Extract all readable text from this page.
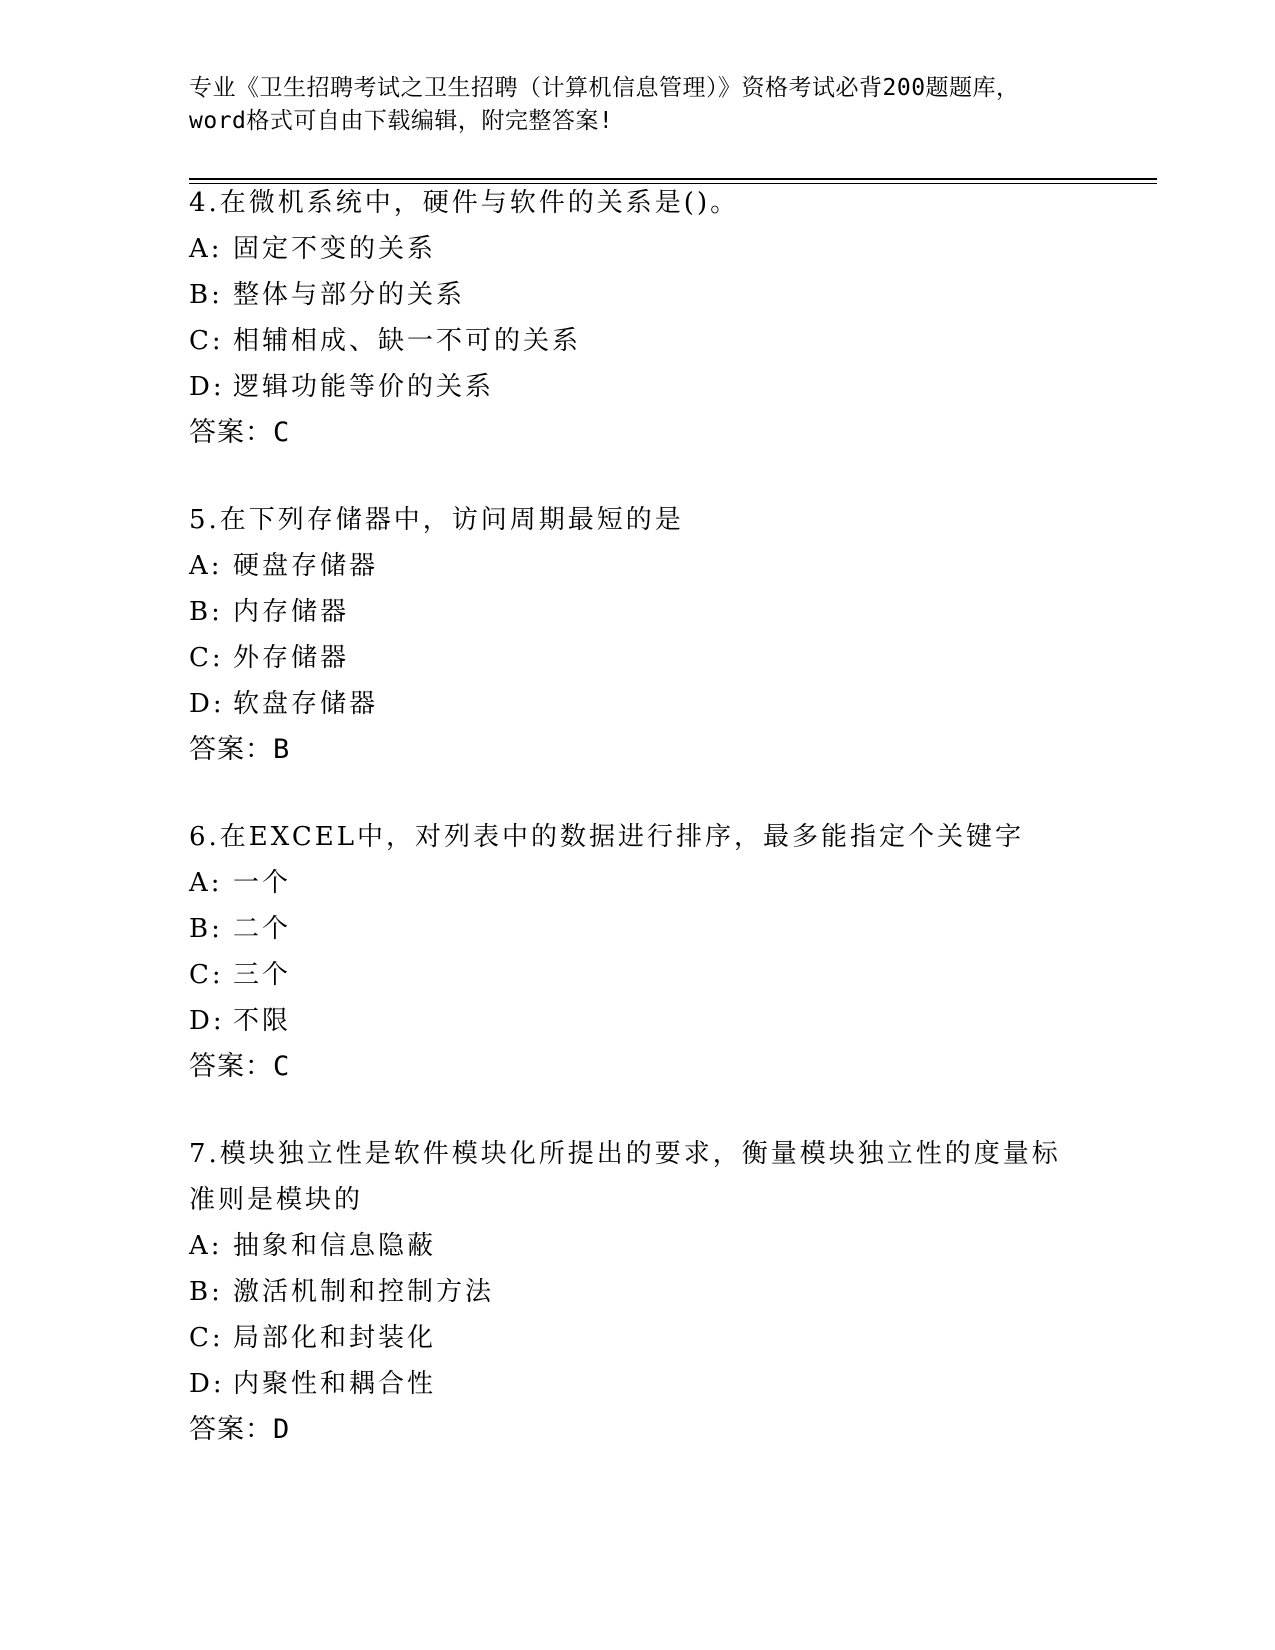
专业《卫生招聘考试之卫生招聘（计算机信息管理）》资格考试必背200题题库，
word格式可自由下载编辑，附完整答案!
4.在微机系统中，硬件与软件的关系是()。
A: 固定不变的关系
B: 整体与部分的关系
C: 相辅相成、缺一不可的关系
D: 逻辑功能等价的关系
答案：C
5.在下列存储器中，访问周期最短的是
A: 硬盘存储器
B: 内存储器
C: 外存储器
D: 软盘存储器
答案：B
6.在EXCEL中，对列表中的数据进行排序，最多能指定个关键字
A: 一个
B: 二个
C: 三个
D: 不限
答案：C
7.模块独立性是软件模块化所提出的要求，衡量模块独立性的度量标
准则是模块的
A: 抽象和信息隐蔽
B: 激活机制和控制方法
C: 局部化和封装化
D: 内聚性和耦合性
答案：D
